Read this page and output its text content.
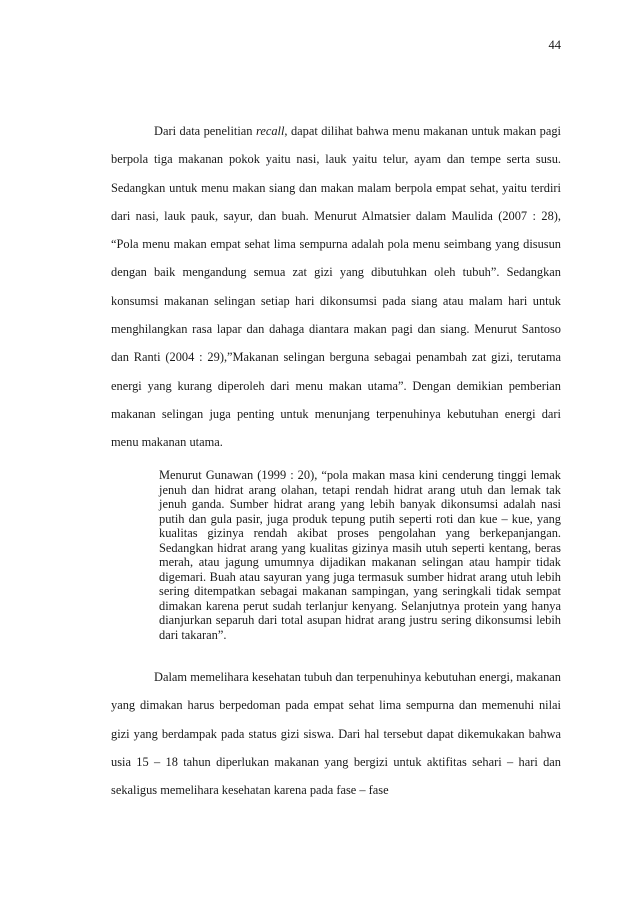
44

Dari data penelitian recall, dapat dilihat bahwa menu makanan untuk makan pagi berpola tiga makanan pokok yaitu nasi, lauk yaitu telur, ayam dan tempe serta susu. Sedangkan untuk menu makan siang dan makan malam berpola empat sehat, yaitu terdiri dari nasi, lauk pauk, sayur, dan buah. Menurut Almatsier dalam Maulida (2007 : 28), “Pola menu makan empat sehat lima sempurna adalah pola menu seimbang yang disusun dengan baik mengandung semua zat gizi yang dibutuhkan oleh tubuh”. Sedangkan konsumsi makanan selingan setiap hari dikonsumsi pada siang atau malam hari untuk menghilangkan rasa lapar dan dahaga diantara makan pagi dan siang. Menurut Santoso dan Ranti (2004 : 29),”Makanan selingan berguna sebagai penambah zat gizi, terutama energi yang kurang diperoleh dari menu makan utama”. Dengan demikian pemberian makanan selingan juga penting untuk menunjang terpenuhinya kebutuhan energi dari menu makanan utama.

Menurut Gunawan (1999 : 20), “pola makan masa kini cenderung tinggi lemak jenuh dan hidrat arang olahan, tetapi rendah hidrat arang utuh dan lemak tak jenuh ganda. Sumber hidrat arang yang lebih banyak dikonsumsi adalah nasi putih dan gula pasir, juga produk tepung putih seperti roti dan kue – kue, yang kualitas gizinya rendah akibat proses pengolahan yang berkepanjangan. Sedangkan hidrat arang yang kualitas gizinya masih utuh seperti kentang, beras merah, atau jagung umumnya dijadikan makanan selingan atau hampir tidak digemari. Buah atau sayuran yang juga termasuk sumber hidrat arang utuh lebih sering ditempatkan sebagai makanan sampingan, yang seringkali tidak sempat dimakan karena perut sudah terlanjur kenyang. Selanjutnya protein yang hanya dianjurkan separuh dari total asupan hidrat arang justru sering dikonsumsi lebih dari takaran”.

Dalam memelihara kesehatan tubuh dan terpenuhinya kebutuhan energi, makanan yang dimakan harus berpedoman pada empat sehat lima sempurna dan memenuhi nilai gizi yang berdampak pada status gizi siswa. Dari hal tersebut dapat dikemukakan bahwa usia 15 – 18 tahun diperlukan makanan yang bergizi untuk aktifitas sehari – hari dan sekaligus memelihara kesehatan karena pada fase – fase
